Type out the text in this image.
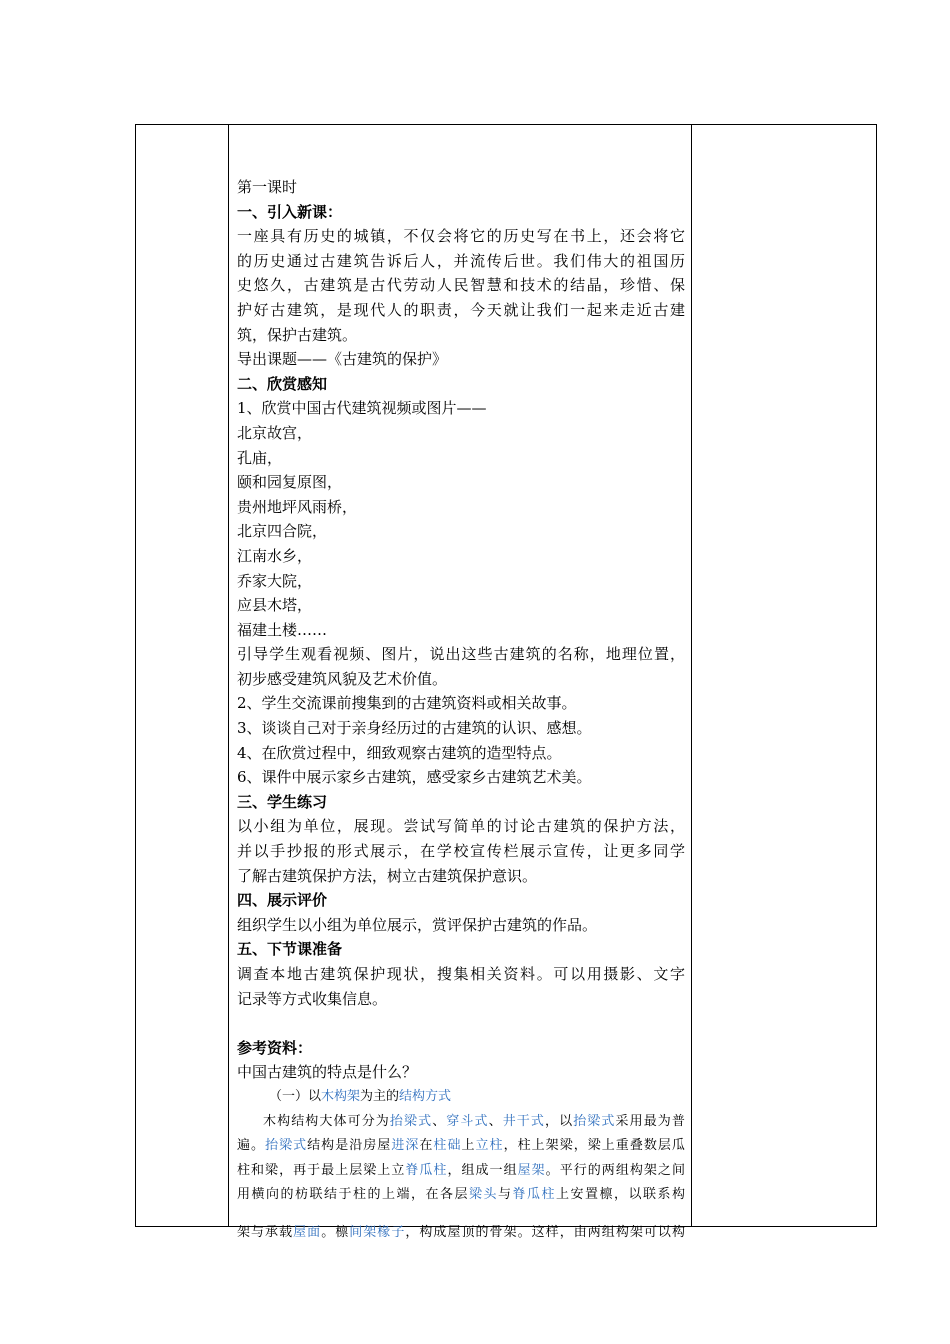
第一课时
一、引入新课：
一座具有历史的城镇，不仅会将它的历史写在书上，还会将它
的历史通过古建筑告诉后人，并流传后世。我们伟大的祖国历
史悠久，古建筑是古代劳动人民智慧和技术的结晶，珍惜、保
护好古建筑，是现代人的职责，今天就让我们一起来走近古建
筑，保护古建筑。
导出课题——《古建筑的保护》
二、欣赏感知
1、欣赏中国古代建筑视频或图片——
北京故宫，
孔庙，
颐和园复原图，
贵州地坪风雨桥，
北京四合院，
江南水乡，
乔家大院，
应县木塔，
福建土楼……
引导学生观看视频、图片，说出这些古建筑的名称，地理位置，
初步感受建筑风貌及艺术价值。
2、学生交流课前搜集到的古建筑资料或相关故事。
3、谈谈自己对于亲身经历过的古建筑的认识、感想。
4、在欣赏过程中，细致观察古建筑的造型特点。
6、课件中展示家乡古建筑，感受家乡古建筑艺术美。
三、学生练习
以小组为单位，展现。尝试写简单的讨论古建筑的保护方法，
并以手抄报的形式展示，在学校宣传栏展示宣传，让更多同学
了解古建筑保护方法，树立古建筑保护意识。
四、展示评价
组织学生以小组为单位展示，赏评保护古建筑的作品。
五、下节课准备
调查本地古建筑保护现状，搜集相关资料。可以用摄影、文字
记录等方式收集信息。
参考资料：
中国古建筑的特点是什么？
（一）以木构架为主的结构方式
木构结构大体可分为抬梁式、穿斗式、井干式，以抬梁式采用最为普
遍。抬梁式结构是沿房屋进深在柱础上立柱，柱上架梁，梁上重叠数层瓜
柱和梁，再于最上层梁上立脊瓜柱，组成一组屋架。平行的两组构架之间
用横向的枋联结于柱的上端，在各层梁头与脊瓜柱上安置檩，以联系构
架与承载屋面。檩间架椽子，构成屋顶的骨架。这样，由两组构架可以构
